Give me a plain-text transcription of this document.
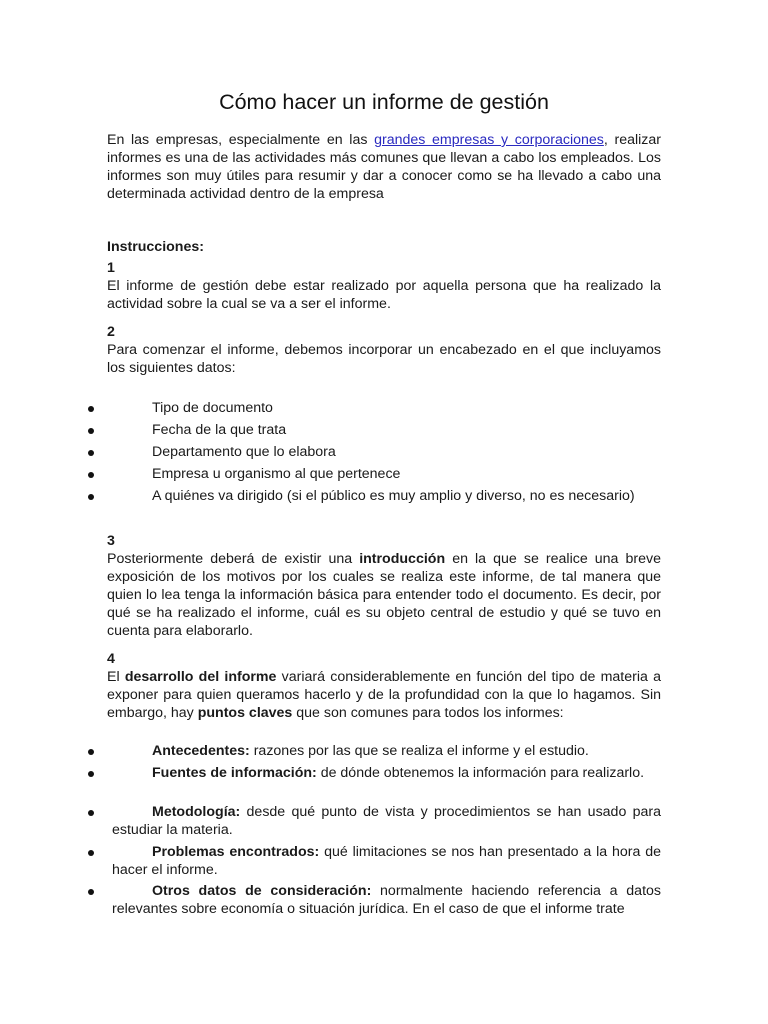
Cómo hacer un informe de gestión

En las empresas, especialmente en las grandes empresas y corporaciones, realizar informes es una de las actividades más comunes que llevan a cabo los empleados. Los informes son muy útiles para resumir y dar a conocer como se ha llevado a cabo una determinada actividad dentro de la empresa

Instrucciones:

1
El informe de gestión debe estar realizado por aquella persona que ha realizado la actividad sobre la cual se va a ser el informe.
2
Para comenzar el informe, debemos incorporar un encabezado en el que incluyamos los siguientes datos:
Tipo de documento
Fecha de la que trata
Departamento que lo elabora
Empresa u organismo al que pertenece
A quiénes va dirigido (si el público es muy amplio y diverso, no es necesario)
3
Posteriormente deberá de existir una introducción en la que se realice una breve exposición de los motivos por los cuales se realiza este informe, de tal manera que quien lo lea tenga la información básica para entender todo el documento. Es decir, por qué se ha realizado el informe, cuál es su objeto central de estudio y qué se tuvo en cuenta para elaborarlo.
4
El desarrollo del informe variará considerablemente en función del tipo de materia a exponer para quien queramos hacerlo y de la profundidad con la que lo hagamos. Sin embargo, hay puntos claves que son comunes para todos los informes:
Antecedentes: razones por las que se realiza el informe y el estudio.
Fuentes de información: de dónde obtenemos la información para realizarlo.
Metodología: desde qué punto de vista y procedimientos se han usado para estudiar la materia.
Problemas encontrados: qué limitaciones se nos han presentado a la hora de hacer el informe.
Otros datos de consideración: normalmente haciendo referencia a datos relevantes sobre economía o situación jurídica. En el caso de que el informe trate
